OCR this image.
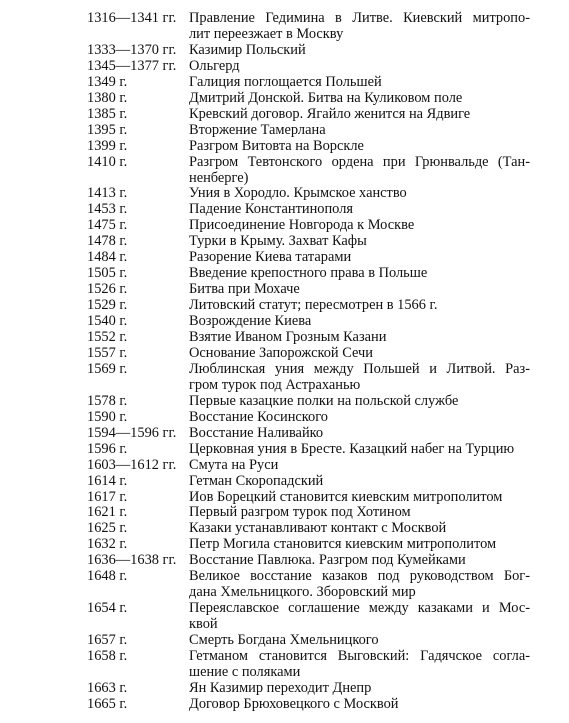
1316—1341 гг. Правление Гедимина в Литве. Киевский митропо-
лит переезжает в Москву
1333—1370 гг. Казимир Польский
1345—1377 гг. Ольгерд
1349 г.	Галиция поглощается Польшей
1380 г.	Дмитрий Донской. Битва на Куликовом поле
1385 г.	Кревский договор. Ягайло женится на Ядвиге
1395 г.	Вторжение Тамерлана
1399 г.	Разгром Витовта на Ворскле
1410 г.	Разгром Тевтонского ордена при Грюнвальде (Тан-
ненберге)
1413 г.	Уния в Хородло. Крымское ханство
1453 г.	Падение Константинополя
1475 г.	Присоединение Новгорода к Москве
1478 г.	Турки в Крыму. Захват Кафы
1484 г.	Разорение Киева татарами
1505 г.	Введение крепостного права в Польше
1526 г.	Битва при Мохаче
1529 г.	Литовский статут; пересмотрен в 1566 г.
1540 г.	Возрождение Киева
1552 г.	Взятие Иваном Грозным Казани
1557 г.	Основание Запорожской Сечи
1569 г.	Люблинская уния между Польшей и Литвой. Раз-
гром турок под Астраханью
1578 г.	Первые казацкие полки на польской службе
1590 г.	Восстание Косинского
1594—1596 гг. Восстание Наливайко
1596 г.	Церковная уния в Бресте. Казацкий набег на Турцию
1603—1612 гг. Смута на Руси
1614 г.	Гетман Скоропадский
1617 г.	Иов Борецкий становится киевским митрополитом
1621 г.	Первый разгром турок под Хотином
1625 г.	Казаки устанавливают контакт с Москвой
1632 г.	Петр Могила становится киевским митрополитом
1636—1638 гг. Восстание Павлюка. Разгром под Кумейками
1648 г.	Великое восстание казаков под руководством Бог-
дана Хмельницкого. Зборовский мир
1654 г.	Переяславское соглашение между казаками и Мос-
квой
1657 г.	Смерть Богдана Хмельницкого
1658 г.	Гетманом становится Выговский: Гадячское согла-
шение с поляками
1663 г.	Ян Казимир переходит Днепр
1665 г.	Договор Брюховецкого с Москвой
